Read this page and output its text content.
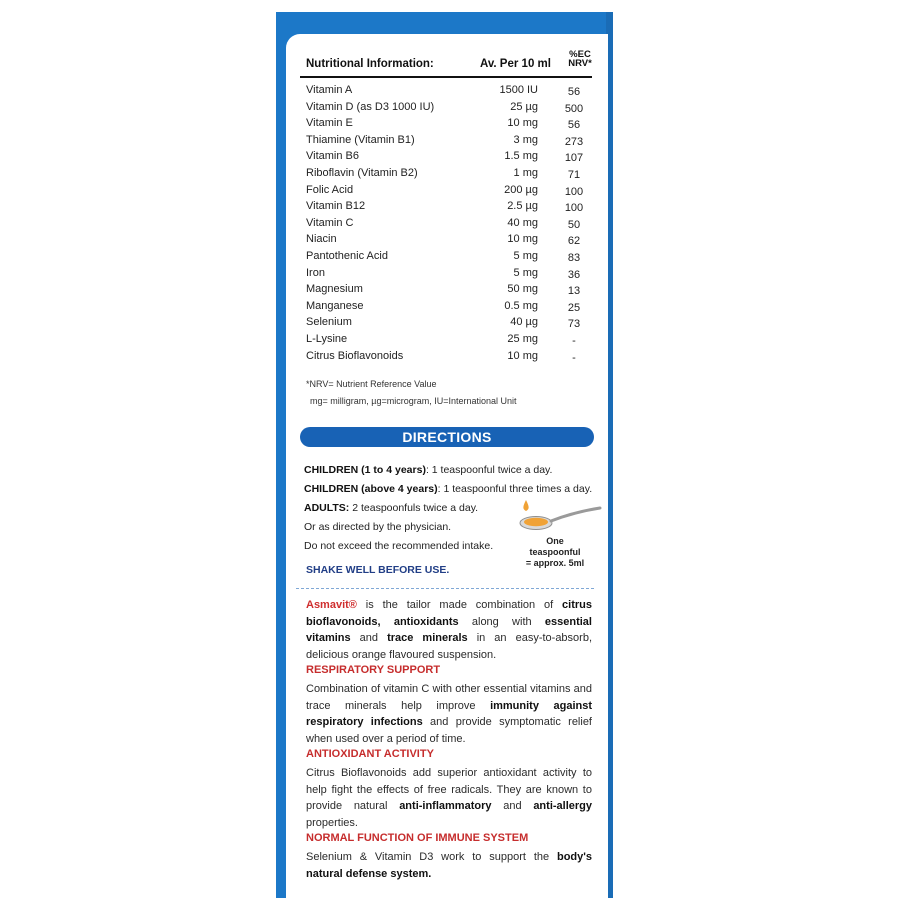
Nutritional Information:	Av. Per 10 ml
%EC
NRV*
Vitamin A	1500 IU	56
Vitamin D (as D3 1000 IU)	25 µg 500
Vitamin E	10 mg	56
Thiamine (Vitamin B1)	3 mg 273
Vitamin B6	1.5 mg 107
Riboflavin (Vitamin B2)	1 mg	71
Folic Acid	200 µg 100
Vitamin B12	2.5 µg 100
Vitamin C	40 mg	50
Niacin	10 mg	62
Pantothenic Acid	5 mg	83
Iron	5 mg	36
Magnesium	50 mg	13
Manganese	0.5 mg	25
Selenium	40 µg	73
L-Lysine	25 mg	-
Citrus Bioflavonoids	10 mg	-
*NRV= Nutrient Reference Value
mg= milligram, µg=microgram, IU=International Unit
DIRECTIONS
CHILDREN (1 to 4 years): 1 teaspoonful twice a day.
CHILDREN (above 4 years): 1 teaspoonful three times a day.
ADULTS: 2 teaspoonfuls twice a day.
Or as directed by the physician.
Do not exceed the recommended intake.
SHAKE WELL BEFORE USE.
One teaspoonful
= approx. 5ml
Asmavit® is the tailor made combination of citrus bioflavonoids, antioxidants along with essential vitamins and trace minerals in an easy-to-absorb, delicious orange flavoured suspension.
RESPIRATORY SUPPORT
Combination of vitamin C with other essential vitamins and trace minerals help improve immunity against respiratory infections and provide symptomatic relief when used over a period of time.
ANTIOXIDANT ACTIVITY
Citrus Bioflavonoids add superior antioxidant activity to help fight the effects of free radicals. They are known to provide natural anti-inflammatory and anti-allergy properties.
NORMAL FUNCTION OF IMMUNE SYSTEM
Selenium & Vitamin D3 work to support the body's natural defense system.
